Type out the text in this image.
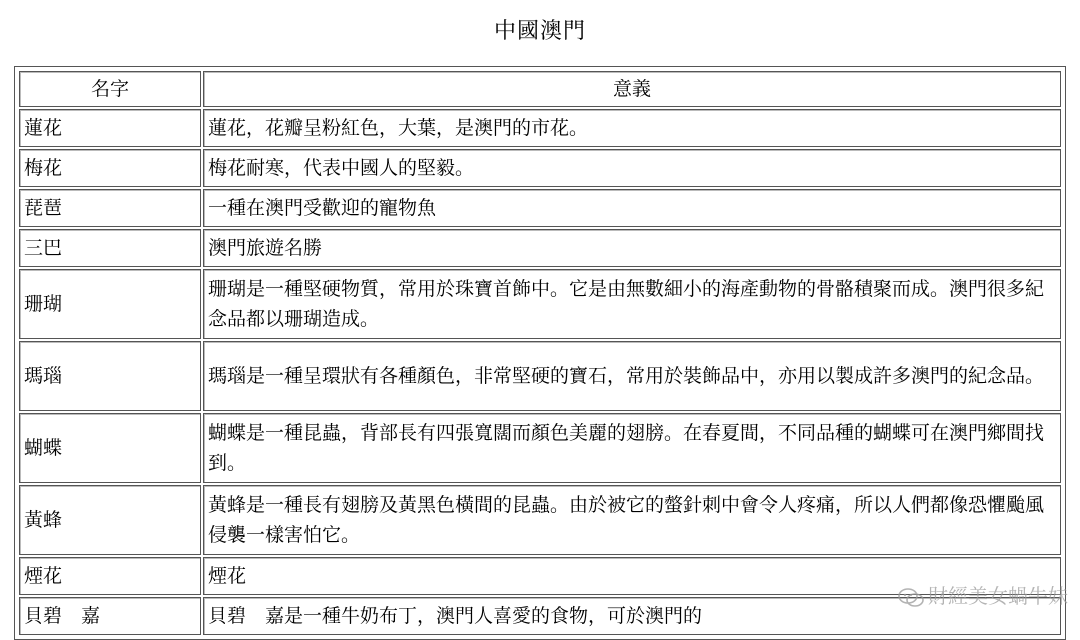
中國澳門
名字	意義
蓮花	蓮花，花瓣呈粉紅色，大葉，是澳門的市花。
梅花	梅花耐寒，代表中國人的堅毅。
琵琶	一種在澳門受歡迎的寵物魚
三巴	澳門旅遊名勝
珊瑚	珊瑚是一種堅硬物質，常用於珠寶首飾中。它是由無數細小的海產動物的骨骼積聚而成。澳門很多紀念品都以珊瑚造成。
瑪瑙	瑪瑙是一種呈環狀有各種顏色，非常堅硬的寶石，常用於裝飾品中，亦用以製成許多澳門的紀念品。
蝴蝶	蝴蝶是一種昆蟲，背部長有四張寬闊而顏色美麗的翅膀。在春夏間，不同品種的蝴蝶可在澳門鄉間找到。
黃蜂	黃蜂是一種長有翅膀及黃黑色橫間的昆蟲。由於被它的螫針刺中會令人疼痛，所以人們都像恐懼颱風侵襲一樣害怕它。
煙花	煙花
貝碧　嘉	貝碧　嘉是一種牛奶布丁，澳門人喜愛的食物，可於澳門的	財經美女蝸牛妹
